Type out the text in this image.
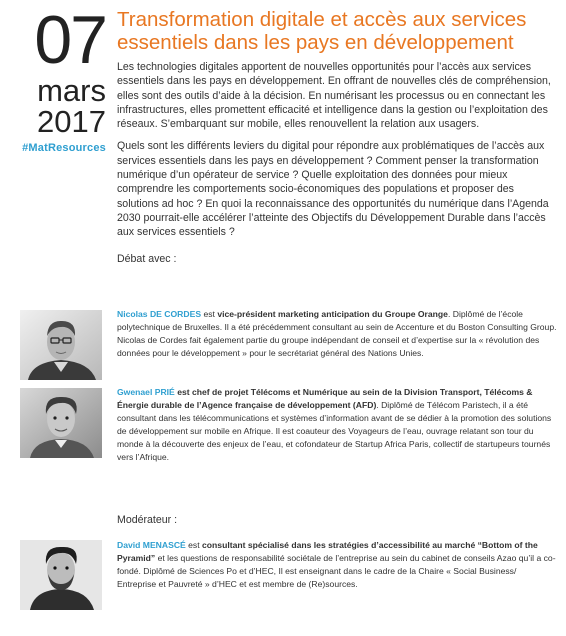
07
mars
2017
#MatResources
Transformation digitale et accès aux services essentiels dans les pays en développement
Les technologies digitales apportent de nouvelles opportunités pour l’accès aux services essentiels dans les pays en développement. En offrant de nouvelles clés de compréhension, elles sont des outils d’aide à la décision. En numérisant les processus ou en connectant les infrastructures, elles promettent efficacité et intelligence dans la gestion ou l’exploitation des réseaux. S’embarquant sur mobile, elles renouvellent la relation aux usagers.
Quels sont les différents leviers du digital pour répondre aux problématiques de l’accès aux services essentiels dans les pays en développement ? Comment penser la transformation numérique d’un opérateur de service ? Quelle exploitation des données pour mieux comprendre les comportements socio-économiques des populations et proposer des solutions ad hoc ? En quoi la reconnaissance des opportunités du numérique dans l’Agenda 2030 pourrait-elle accélérer l’atteinte des Objectifs du Développement Durable dans l’accès aux services essentiels ?
Débat avec :
Nicolas DE CORDES est vice-président marketing anticipation du Groupe Orange. Diplômé de l’école polytechnique de Bruxelles. Il a été précédemment consultant au sein de Accenture et du Boston Consulting Group. Nicolas de Cordes fait également partie du groupe indépendant de conseil et d’expertise sur la « révolution des données pour le développement » pour le secrétariat général des Nations Unies.
Gwenael PRIÉ est chef de projet Télécoms et Numérique au sein de la Division Transport, Télécoms & Énergie durable de l’Agence française de développement (AFD). Diplômé de Télécom Paristech, il a été consultant dans les télécommunications et systèmes d’information avant de se dédier à la promotion des solutions de développement sur mobile en Afrique. Il est coauteur des Voyageurs de l’eau, ouvrage relatant son tour du monde à la découverte des enjeux de l’eau, et cofondateur de Startup Africa Paris, collectif de startupeurs tournés vers l’Afrique.
Modérateur :
David MENASCÉ est consultant spécialisé dans les stratégies d’accessibilité au marché “Bottom of the Pyramid” et les questions de responsabilité sociétale de l’entreprise au sein du cabinet de conseils Azao qu’il a co-fondé. Diplômé de Sciences Po et d’HEC, Il est enseignant dans le cadre de la Chaire « Social Business/ Entreprise et Pauvreté » d’HEC et est membre de (Re)sources.
